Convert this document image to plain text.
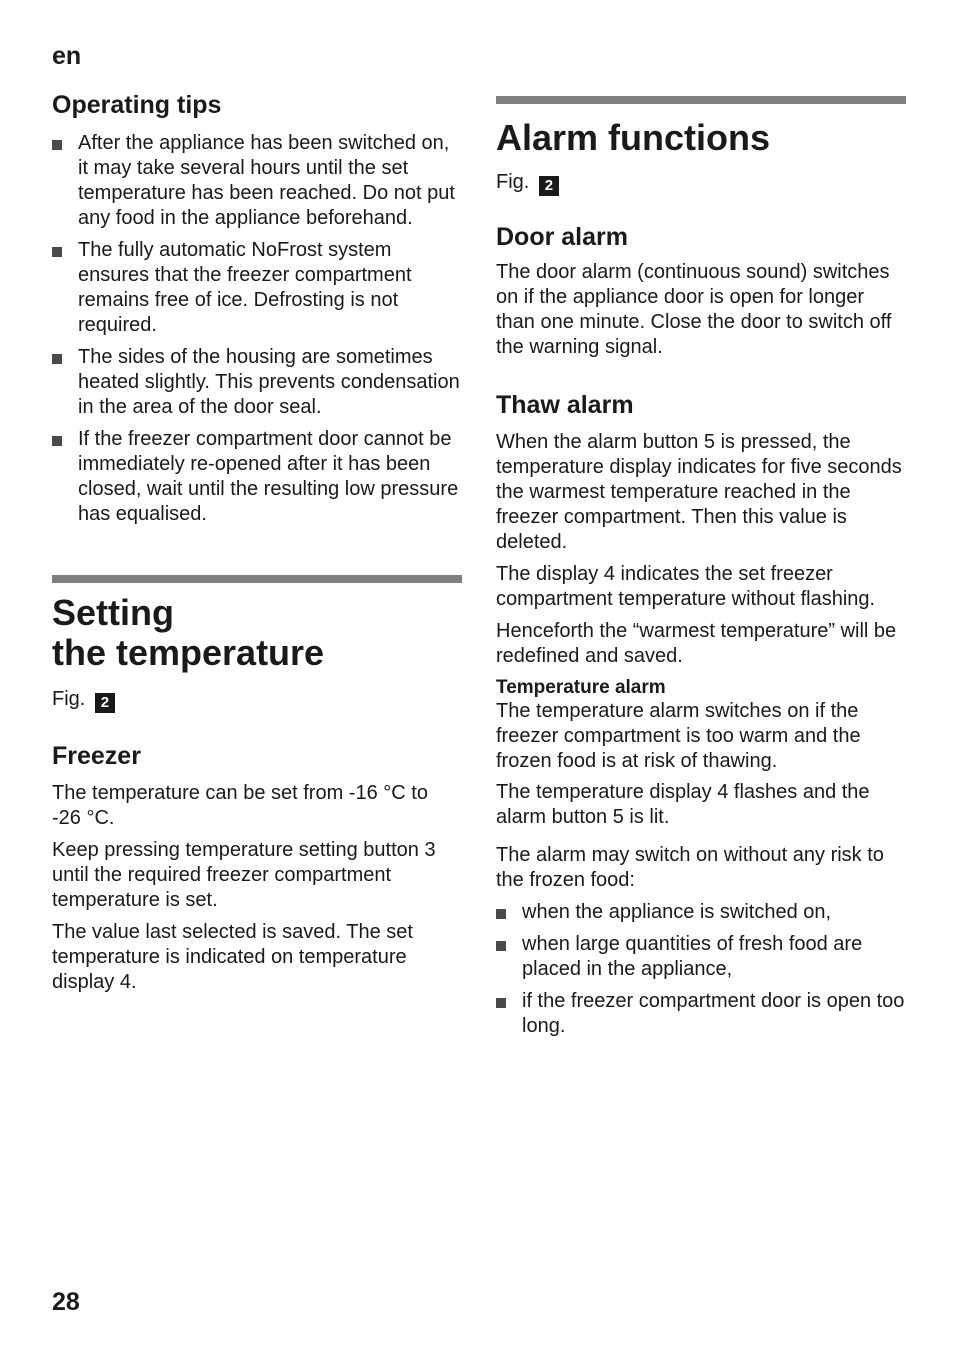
en
Operating tips
After the appliance has been switched on, it may take several hours until the set temperature has been reached. Do not put any food in the appliance beforehand.
The fully automatic NoFrost system ensures that the freezer compartment remains free of ice. Defrosting is not required.
The sides of the housing are sometimes heated slightly. This prevents condensation in the area of the door seal.
If the freezer compartment door cannot be immediately re-opened after it has been closed, wait until the resulting low pressure has equalised.
Setting
the temperature

Fig. 2

Freezer

The temperature can be set from -16 °C to -26 °C.

Keep pressing temperature setting button 3 until the required freezer compartment temperature is set.

The value last selected is saved. The set temperature is indicated on temperature display 4.

Alarm functions

Fig. 2

Door alarm

The door alarm (continuous sound) switches on if the appliance door is open for longer than one minute. Close the door to switch off the warning signal.

Thaw alarm

When the alarm button 5 is pressed, the temperature display indicates for five seconds the warmest temperature reached in the freezer compartment. Then this value is deleted.

The display 4 indicates the set freezer compartment temperature without flashing.

Henceforth the “warmest temperature” will be redefined and saved.

Temperature alarm

The temperature alarm switches on if the freezer compartment is too warm and the frozen food is at risk of thawing.

The temperature display 4 flashes and the alarm button 5 is lit.

The alarm may switch on without any risk to the frozen food:

when the appliance is switched on,
when large quantities of fresh food are placed in the appliance,
if the freezer compartment door is open too long.
28
